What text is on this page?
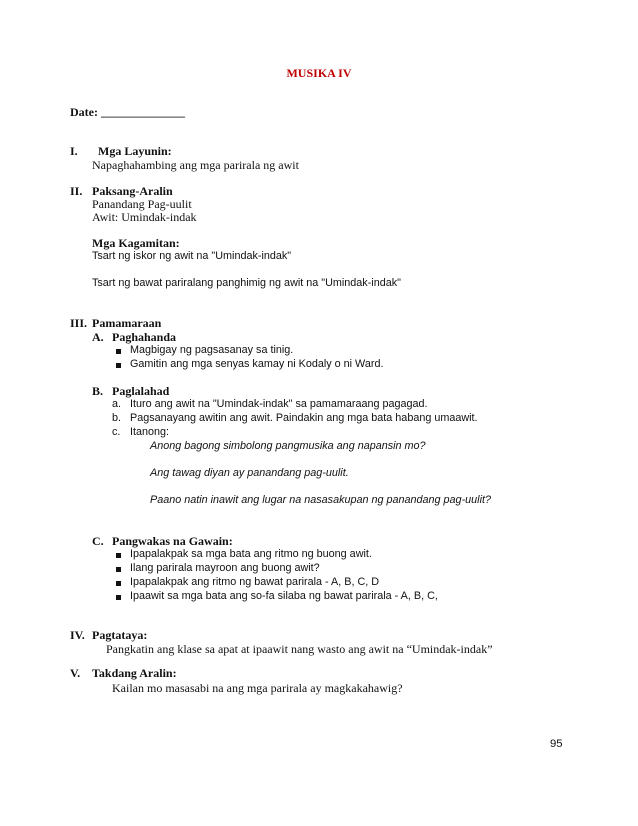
MUSIKA IV
Date: ______________
I. Mga Layunin:
Napaghahambing ang mga parirala ng awit
II. Paksang-Aralin
Panandang Pag-uulit
Awit: Umindak-indak
Mga Kagamitan:
Tsart ng iskor ng awit na "Umindak-indak"
Tsart ng bawat pariralang panghimig ng awit na "Umindak-indak"
III. Pamamaraan
A. Paghahanda
Magbigay ng pagsasanay sa tinig.
Gamitin ang mga senyas kamay ni Kodaly o ni Ward.
B. Paglalahad
a. Ituro ang awit na "Umindak-indak" sa pamamaraang pagagad.
b. Pagsanayang awitin ang awit. Paindakin ang mga bata habang umaawit.
c. Itanong:
Anong bagong simbolong pangmusika ang napansin mo?
Ang tawag diyan ay panandang pag-uulit.
Paano natin inawit ang lugar na nasasakupan ng panandang pag-uulit?
C. Pangwakas na Gawain:
Ipapalakpak sa mga bata ang ritmo ng buong awit.
Ilang parirala mayroon ang buong awit?
Ipapalakpak ang ritmo ng bawat parirala - A, B, C, D
Ipaawit sa mga bata ang so-fa silaba ng bawat parirala - A, B, C,
IV. Pagtataya:
Pangkatin ang klase sa apat at ipaawit nang wasto ang awit na “Umindak-indak”
V. Takdang Aralin:
Kailan mo masasabi na ang mga parirala ay magkakahawig?
95
